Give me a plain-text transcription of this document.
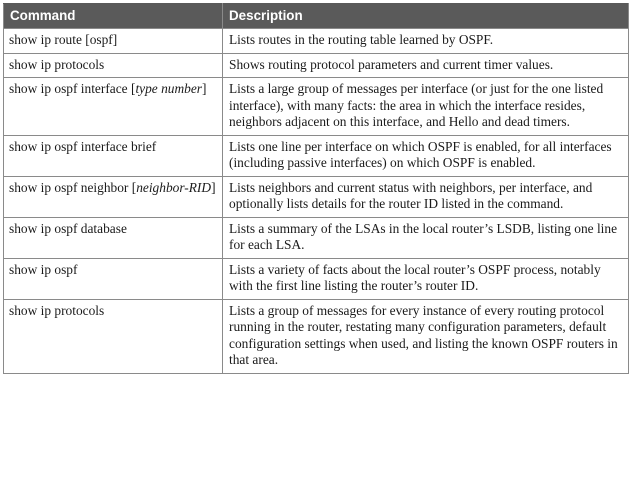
Command	Description
show ip route [ospf]	Lists routes in the routing table learned by OSPF.
show ip protocols	Shows routing protocol parameters and current timer values.
show ip ospf interface [type number]	Lists a large group of messages per interface (or just for the one listed interface), with many facts: the area in which the interface resides, neighbors adjacent on this interface, and Hello and dead timers.
show ip ospf interface brief	Lists one line per interface on which OSPF is enabled, for all interfaces (including passive interfaces) on which OSPF is enabled.
show ip ospf neighbor [neighbor-RID]	Lists neighbors and current status with neighbors, per interface, and optionally lists details for the router ID listed in the command.
show ip ospf database	Lists a summary of the LSAs in the local router’s LSDB, listing one line for each LSA.
show ip ospf	Lists a variety of facts about the local router’s OSPF process, notably with the first line listing the router’s router ID.
show ip protocols	Lists a group of messages for every instance of every routing protocol running in the router, restating many configuration parameters, default configuration settings when used, and listing the known OSPF routers in that area.
